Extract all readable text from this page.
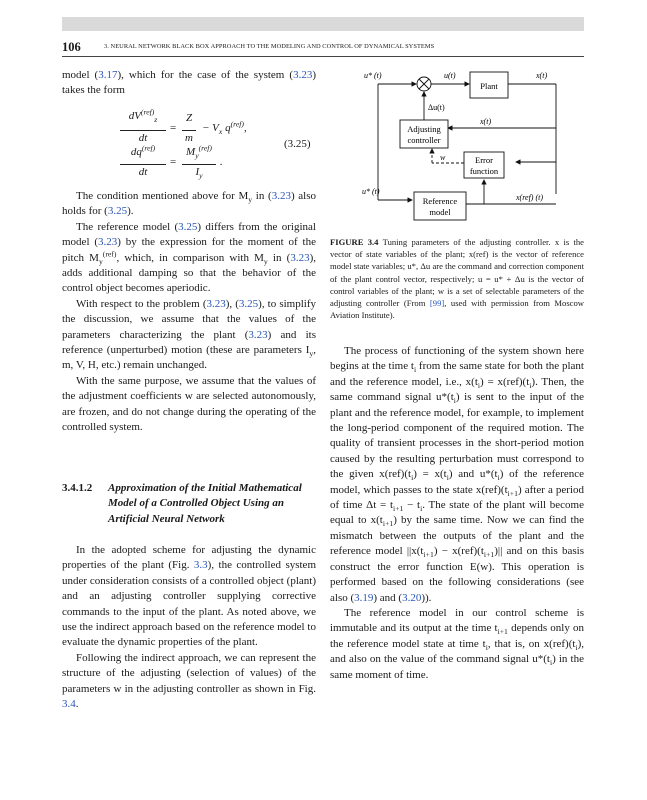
106	3. NEURAL NETWORK BLACK BOX APPROACH TO THE MODELING AND CONTROL OF DYNAMICAL SYSTEMS

model (3.17), which for the case of the system (3.23) takes the form

$dV^{(ref)}_z$
dt
=
Z
m
− $V_x$ $q^{(ref)}$,
$dq^{(ref)}$
dt
=
$M_y^{(ref)}$
$I_y$
.
(3.25)

The condition mentioned above for $M_y$ in (3.23) also holds for (3.25).

The reference model (3.25) differs from the original model (3.23) by the expression for the moment of the pitch $M_y^{(ref)}$, which, in comparison with $M_y$ in (3.23), adds additional damping so that the behavior of the control object becomes aperiodic.

With respect to the problem (3.23), (3.25), to simplify the discussion, we assume that the values of the parameters characterizing the plant (3.23) and its reference (unperturbed) motion (these are parameters $I_y$, m, V, H, etc.) remain unchanged.

With the same purpose, we assume that the values of the adjustment coefficients w are selected autonomously, are frozen, and do not change during the operating of the controlled system.

3.4.1.2 Approximation of the Initial Mathematical Model of a Controlled Object Using an Artificial Neural Network

In the adopted scheme for adjusting the dynamic properties of the plant (Fig. 3.3), the controlled system under consideration consists of a controlled object (plant) and an adjusting controller supplying corrective commands to the input of the plant. As noted above, we use the indirect approach based on the reference model to evaluate the dynamic properties of the plant.

Following the indirect approach, we can represent the structure of the adjusting (selection of values) of the parameters w in the adjusting controller as shown in Fig. 3.4.

u* (t)	u(t)	x(t)
Plant
Δu(t)
Adjusting
controller
x(t)
w	Error
function
u* (t)
Reference
model
x(ref) (t)
FIGURE 3.4 Tuning parameters of the adjusting controller. x is the vector of state variables of the plant; x(ref) is the vector of reference model state variables; u*, Δu are the command and correction component of the plant control vector, respectively; u = u* + Δu is the vector of control variables of the plant; w is a set of selectable parameters of the adjusting controller (From [99], used with permission from Moscow Aviation Institute).

The process of functioning of the system shown here begins at the time $t_i$ from the same state for both the plant and the reference model, i.e., $x(t_i) = x(ref)(t_i)$. Then, the same command signal $u*(t_i)$ is sent to the input of the plant and the reference model, for example, to implement the long-period component of the required motion. The quality of transient processes in the short-period motion caused by the resulting perturbation must correspond to the given $x(ref)(t_i) = x(t_i)$ and $u*(t_i)$ of the reference model, which passes to the state $x(ref)(t_{i+1})$ after a period of time $\Delta t = t_{i+1} - t_i$. The state of the plant will become equal to $x(t_{i+1})$ by the same time. Now we can find the mismatch between the outputs of the plant and the reference model $||x(t_{i+1}) - x(ref)(t_{i+1})||$ and on this basis construct the error function E(w). This operation is performed based on the following considerations (see also (3.19) and (3.20)).

The reference model in our control scheme is immutable and its output at the time $t_{i+1}$ depends only on the reference model state at time $t_i$, that is, on $x(ref)(t_i)$, and also on the value of the command signal $u*(t_i)$ in the same moment of time.
